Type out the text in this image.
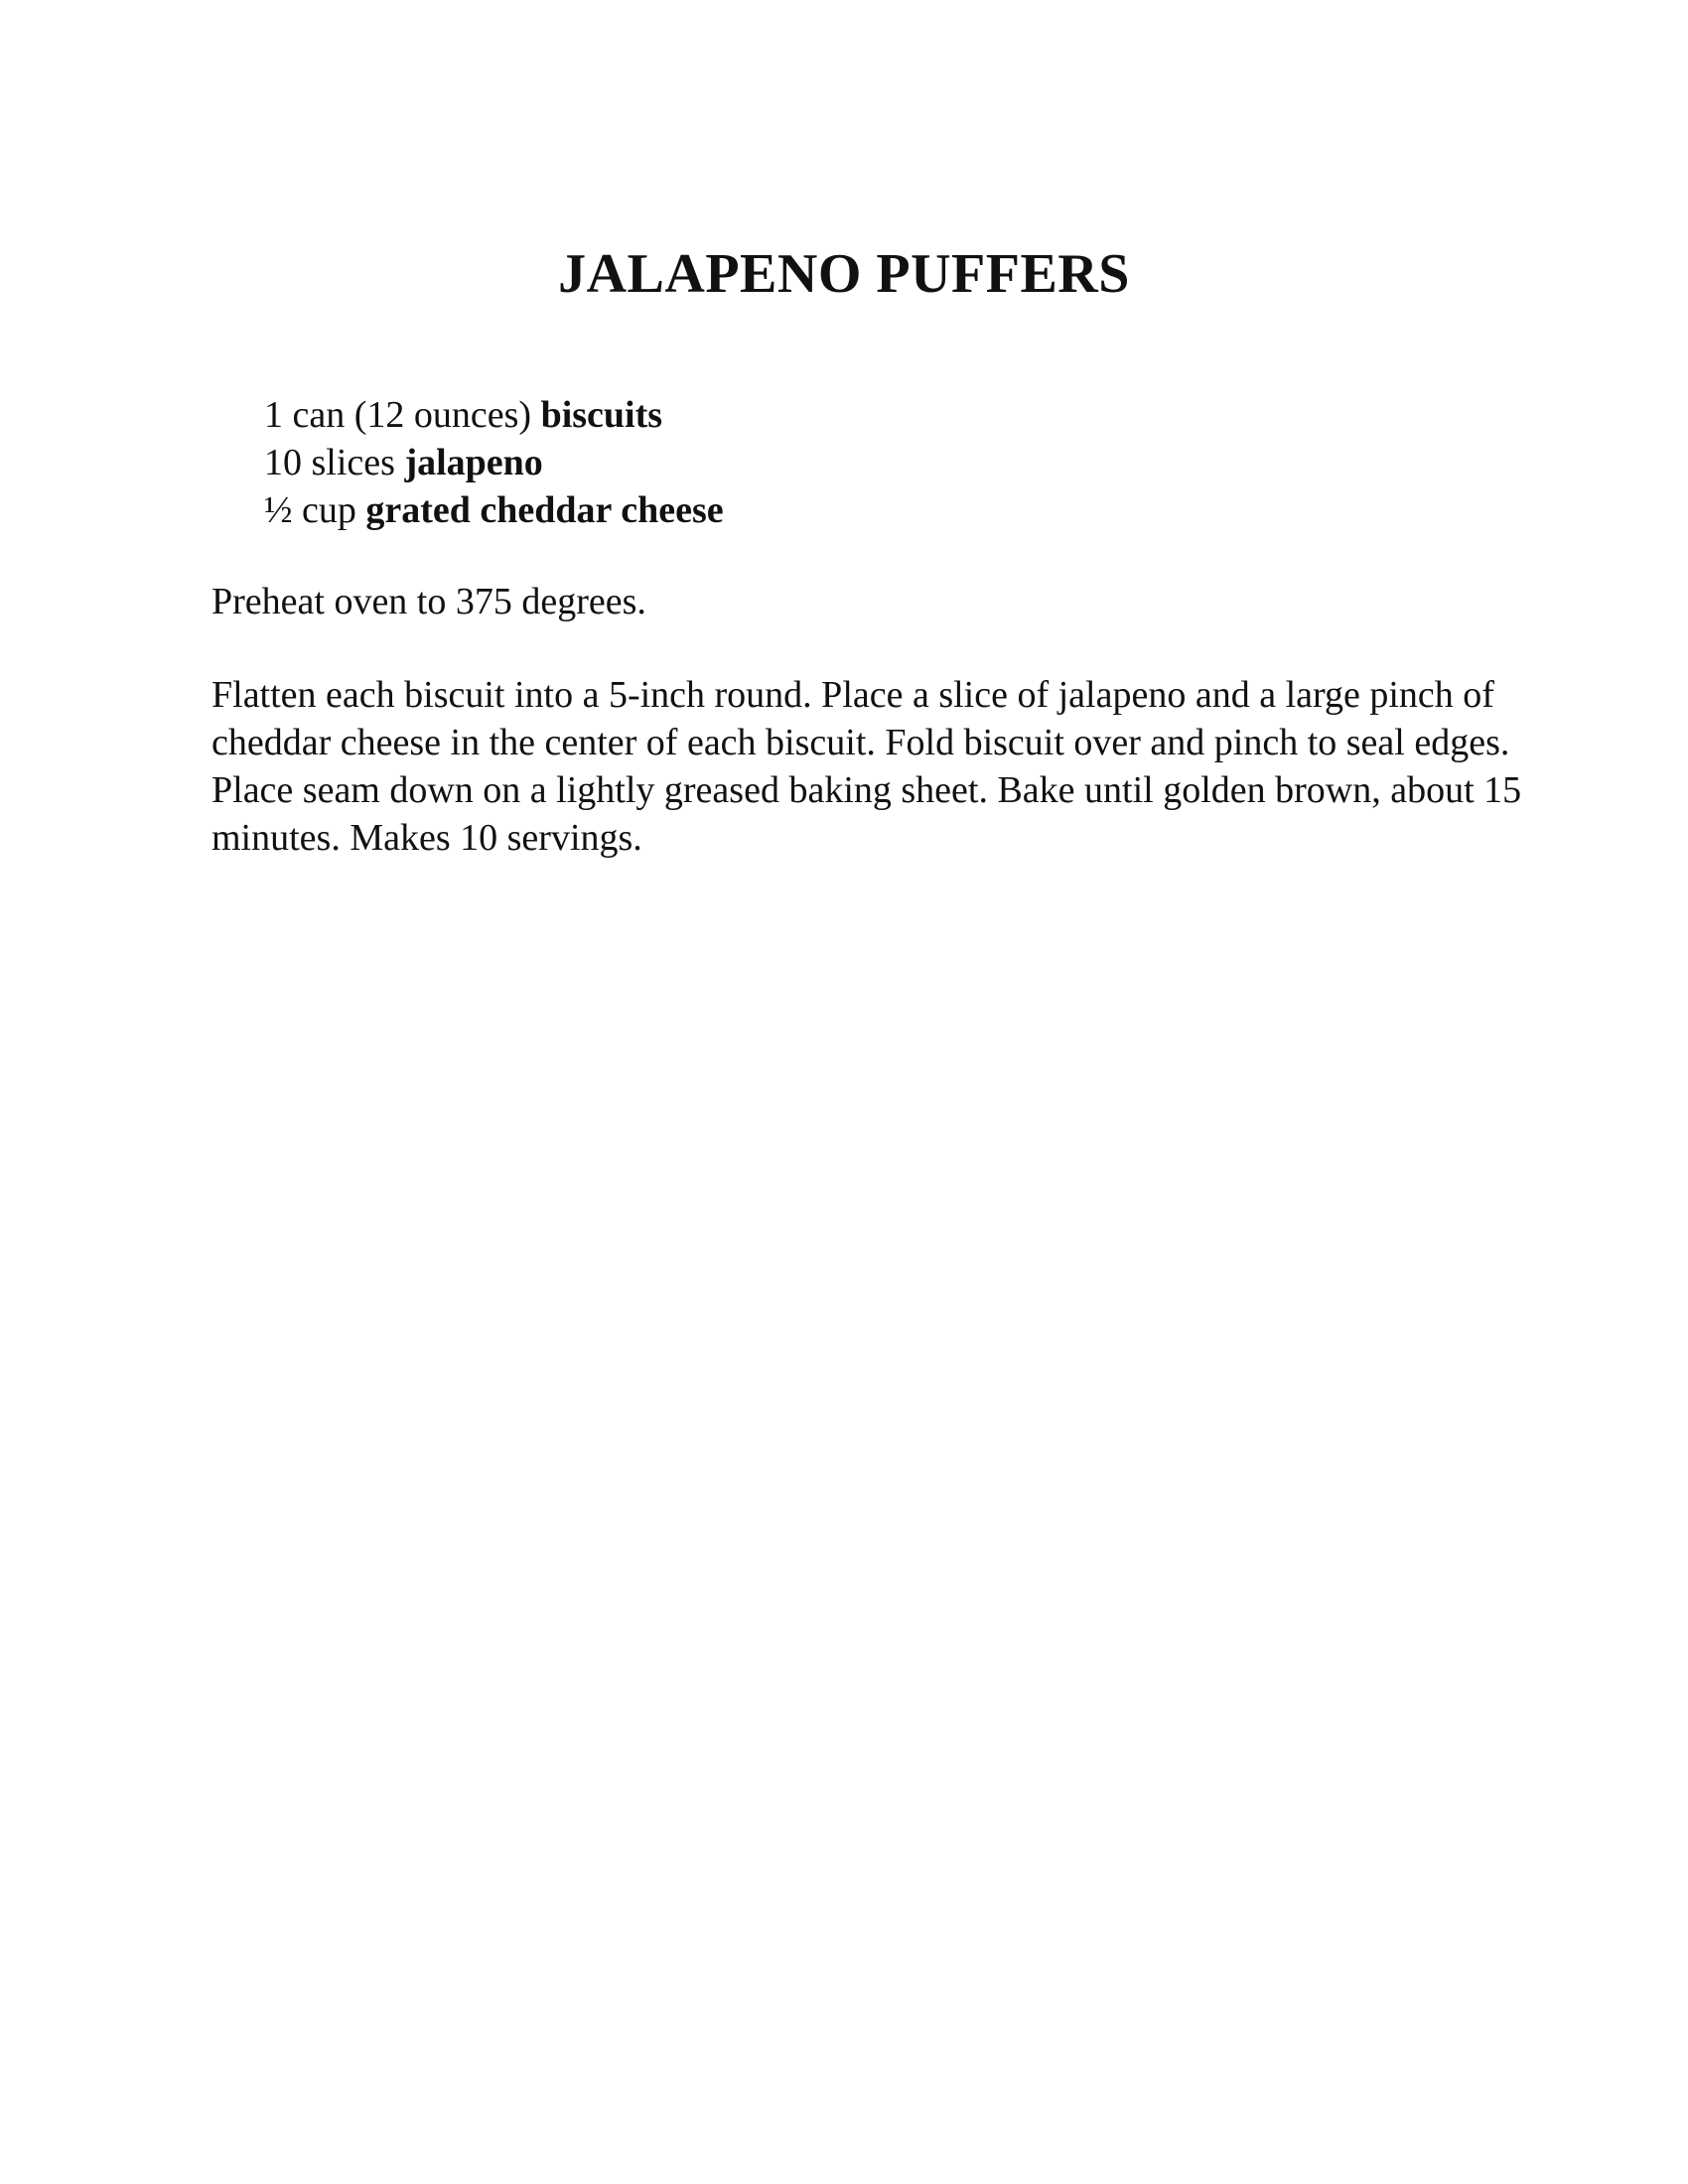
JALAPENO PUFFERS
1 can (12 ounces) biscuits
10 slices jalapeno
½ cup grated cheddar cheese

Preheat oven to 375 degrees.

Flatten each biscuit into a 5-inch round. Place a slice of jalapeno and a large pinch of cheddar cheese in the center of each biscuit. Fold biscuit over and pinch to seal edges. Place seam down on a lightly greased baking sheet. Bake until golden brown, about 15 minutes. Makes 10 servings.
